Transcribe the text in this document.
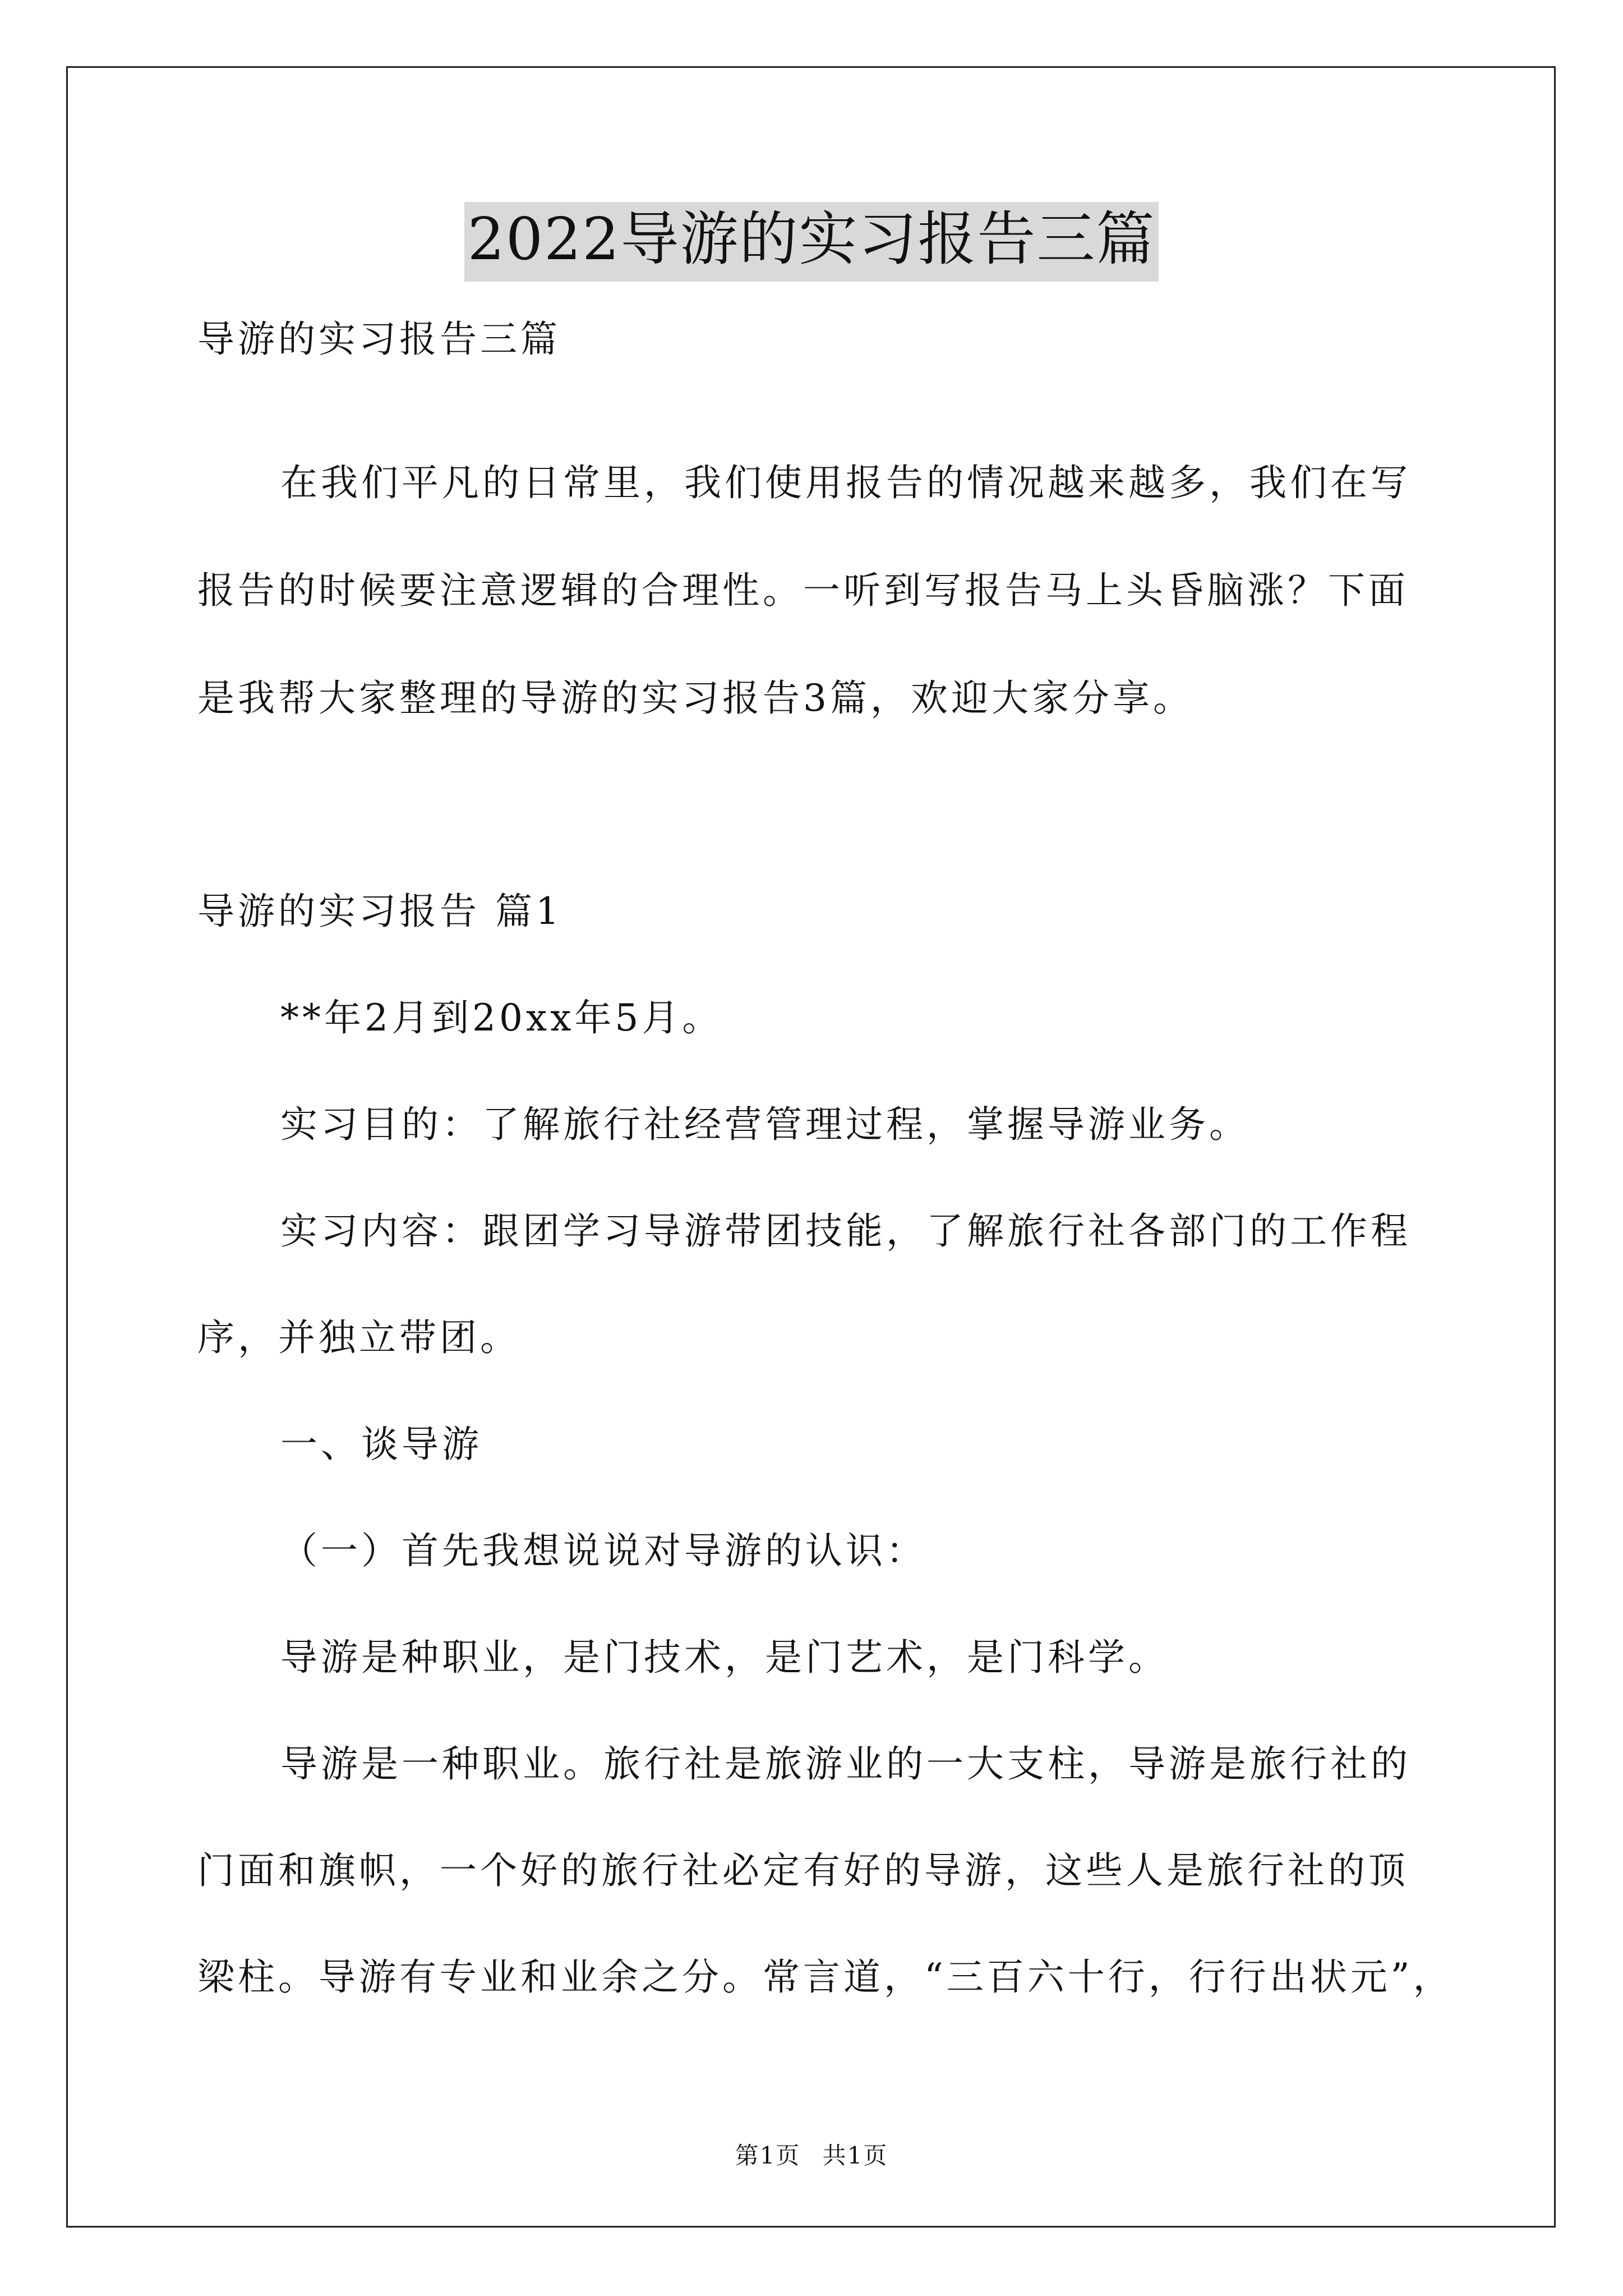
2022导游的实习报告三篇
导游的实习报告三篇
在我们平凡的日常里，我们使用报告的情况越来越多，我们在写
报告的时候要注意逻辑的合理性。一听到写报告马上头昏脑涨？下面
是我帮大家整理的导游的实习报告3篇，欢迎大家分享。
导游的实习报告 篇1
**年2月到20xx年5月。
实习目的：了解旅行社经营管理过程，掌握导游业务。
实习内容：跟团学习导游带团技能，了解旅行社各部门的工作程
序，并独立带团。
一、谈导游
（一）首先我想说说对导游的认识：
导游是种职业，是门技术，是门艺术，是门科学。
导游是一种职业。旅行社是旅游业的一大支柱，导游是旅行社的
门面和旗帜，一个好的旅行社必定有好的导游，这些人是旅行社的顶
梁柱。导游有专业和业余之分。常言道，“三百六十行，行行出状元”，
第1页 共1页
